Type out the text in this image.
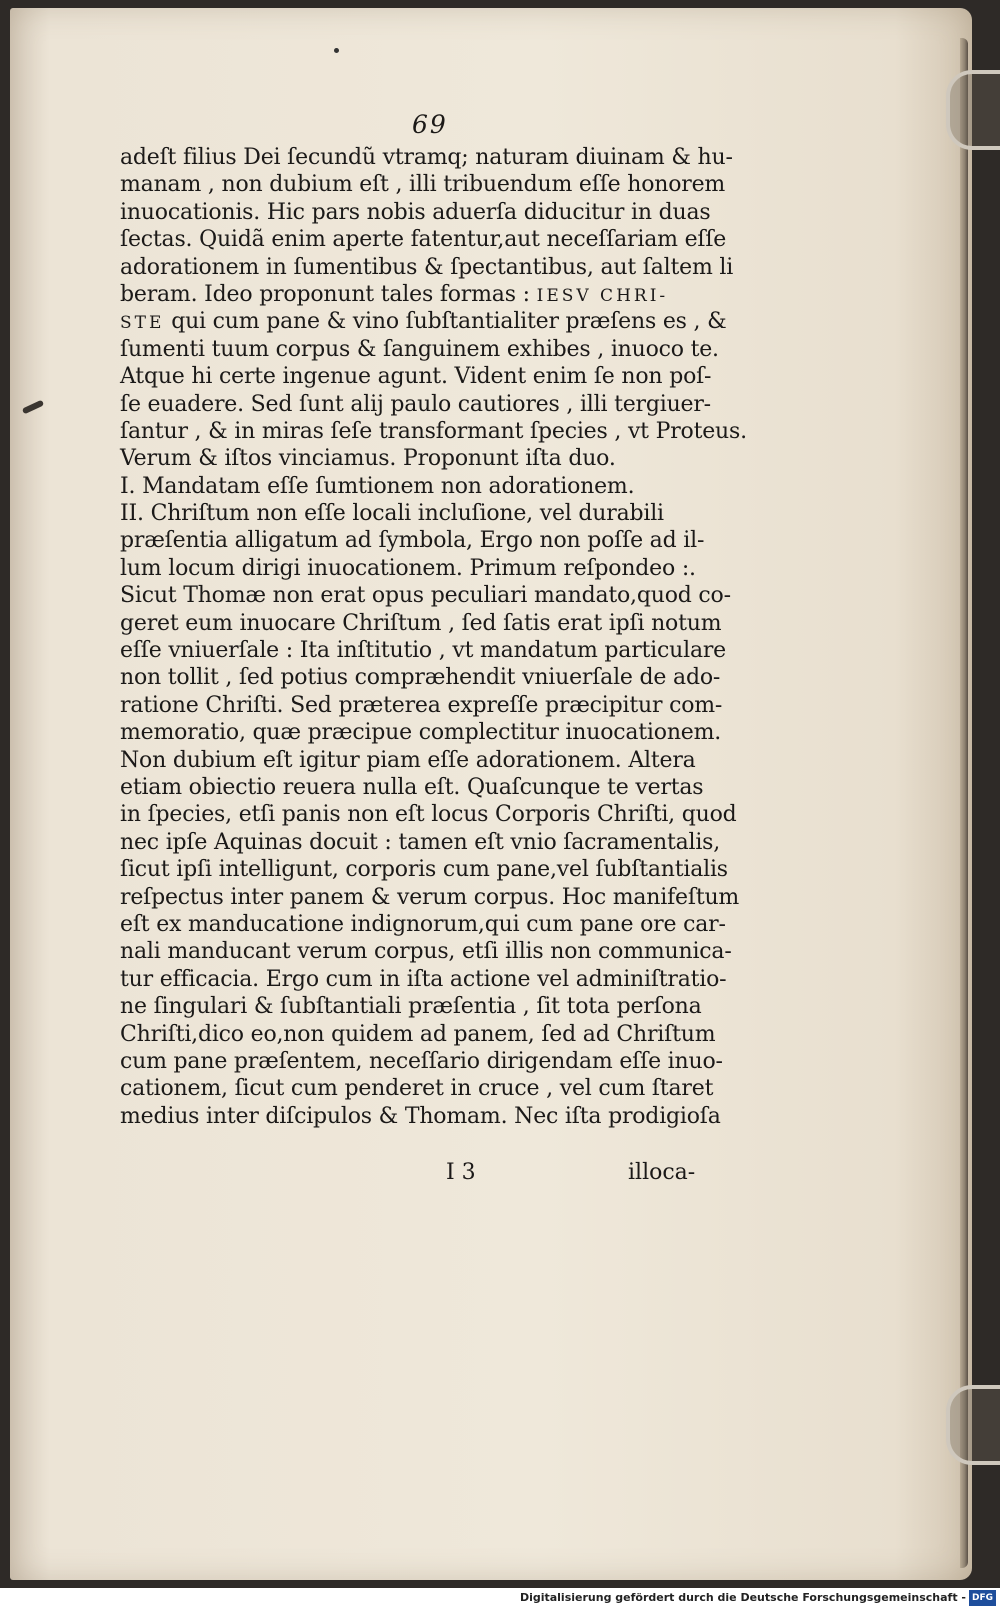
69
adeſt filius Dei ſecundũ vtramq; naturam diuinam & hu-
manam , non dubium eſt , illi tribuendum eſſe honorem
inuocationis. Hic pars nobis aduerſa diducitur in duas
ſectas. Quidã enim aperte fatentur,aut neceſſariam eſſe
adorationem in ſumentibus & ſpectantibus, aut ſaltem li
beram. Ideo proponunt tales formas : IESV CHRI-
STE qui cum pane & vino ſubſtantialiter præſens es , &
ſumenti tuum corpus & ſanguinem exhibes , inuoco te.
Atque hi certe ingenue agunt. Vident enim ſe non poſ-
ſe euadere. Sed ſunt alij paulo cautiores , illi tergiuer-
ſantur , & in miras ſeſe transformant ſpecies , vt Proteus.
Verum & iſtos vinciamus. Proponunt iſta duo.
I. Mandatam eſſe ſumtionem non adorationem.
II. Chriſtum non eſſe locali incluſione, vel durabili
præſentia alligatum ad ſymbola, Ergo non poſſe ad il-
lum locum dirigi inuocationem. Primum reſpondeo :.
Sicut Thomæ non erat opus peculiari mandato,quod co-
geret eum inuocare Chriſtum , ſed ſatis erat ipſi notum
eſſe vniuerſale : Ita inſtitutio , vt mandatum particulare
non tollit , ſed potius compræhendit vniuerſale de ado-
ratione Chriſti. Sed præterea expreſſe præcipitur com-
memoratio, quæ præcipue complectitur inuocationem.
Non dubium eſt igitur piam eſſe adorationem. Altera
etiam obiectio reuera nulla eſt. Quaſcunque te vertas
in ſpecies, etſi panis non eſt locus Corporis Chriſti, quod
nec ipſe Aquinas docuit : tamen eſt vnio ſacramentalis,
ſicut ipſi intelligunt, corporis cum pane,vel ſubſtantialis
reſpectus inter panem & verum corpus. Hoc manifeſtum
eſt ex manducatione indignorum,qui cum pane ore car-
nali manducant verum corpus, etſi illis non communica-
tur efficacia. Ergo cum in iſta actione vel adminiſtratio-
ne ſingulari & ſubſtantiali præſentia , ſit tota perſona
Chriſti,dico eo,non quidem ad panem, ſed ad Chriſtum
cum pane præſentem, neceſſario dirigendam eſſe inuo-
cationem, ſicut cum penderet in cruce , vel cum ſtaret
medius inter diſcipulos & Thomam. Nec iſta prodigioſa
I 3	illoca-
Digitalisierung gefördert durch die Deutsche Forschungsgemeinschaft - DFG
